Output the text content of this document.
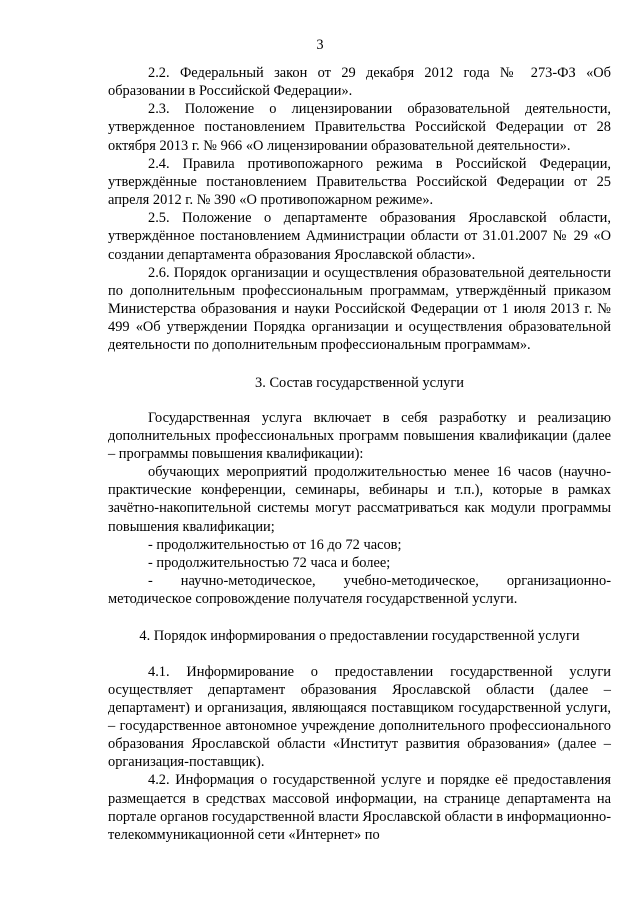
3

2.2. Федеральный закон от 29 декабря 2012 года № 273-ФЗ «Об образовании в Российской Федерации».

2.3. Положение о лицензировании образовательной деятельности, утвержденное постановлением Правительства Российской Федерации от 28 октября 2013 г. № 966 «О лицензировании образовательной деятельности».

2.4. Правила противопожарного режима в Российской Федерации, утверждённые постановлением Правительства Российской Федерации от 25 апреля 2012 г. № 390 «О противопожарном режиме».

2.5. Положение о департаменте образования Ярославской области, утверждённое постановлением Администрации области от 31.01.2007 № 29 «О создании департамента образования Ярославской области».

2.6. Порядок организации и осуществления образовательной деятельности по дополнительным профессиональным программам, утверждённый приказом Министерства образования и науки Российской Федерации от 1 июля 2013 г. № 499 «Об утверждении Порядка организации и осуществления образовательной деятельности по дополнительным профессиональным программам».

3. Состав государственной услуги

Государственная услуга включает в себя разработку и реализацию дополнительных профессиональных программ повышения квалификации (далее – программы повышения квалификации):

обучающих мероприятий продолжительностью менее 16 часов (научно-практические конференции, семинары, вебинары и т.п.), которые в рамках зачётно-накопительной системы могут рассматриваться как модули программы повышения квалификации;

- продолжительностью от 16 до 72 часов;

- продолжительностью 72 часа и более;

- научно-методическое, учебно-методическое, организационно-методическое сопровождение получателя государственной услуги.

4. Порядок информирования о предоставлении государственной услуги

4.1. Информирование о предоставлении государственной услуги осуществляет департамент образования Ярославской области (далее – департамент) и организация, являющаяся поставщиком государственной услуги, – государственное автономное учреждение дополнительного профессионального образования Ярославской области «Институт развития образования» (далее – организация-поставщик).

4.2. Информация о государственной услуге и порядке её предоставления размещается в средствах массовой информации, на странице департамента на портале органов государственной власти Ярославской области в информационно-телекоммуникационной сети «Интернет» по
